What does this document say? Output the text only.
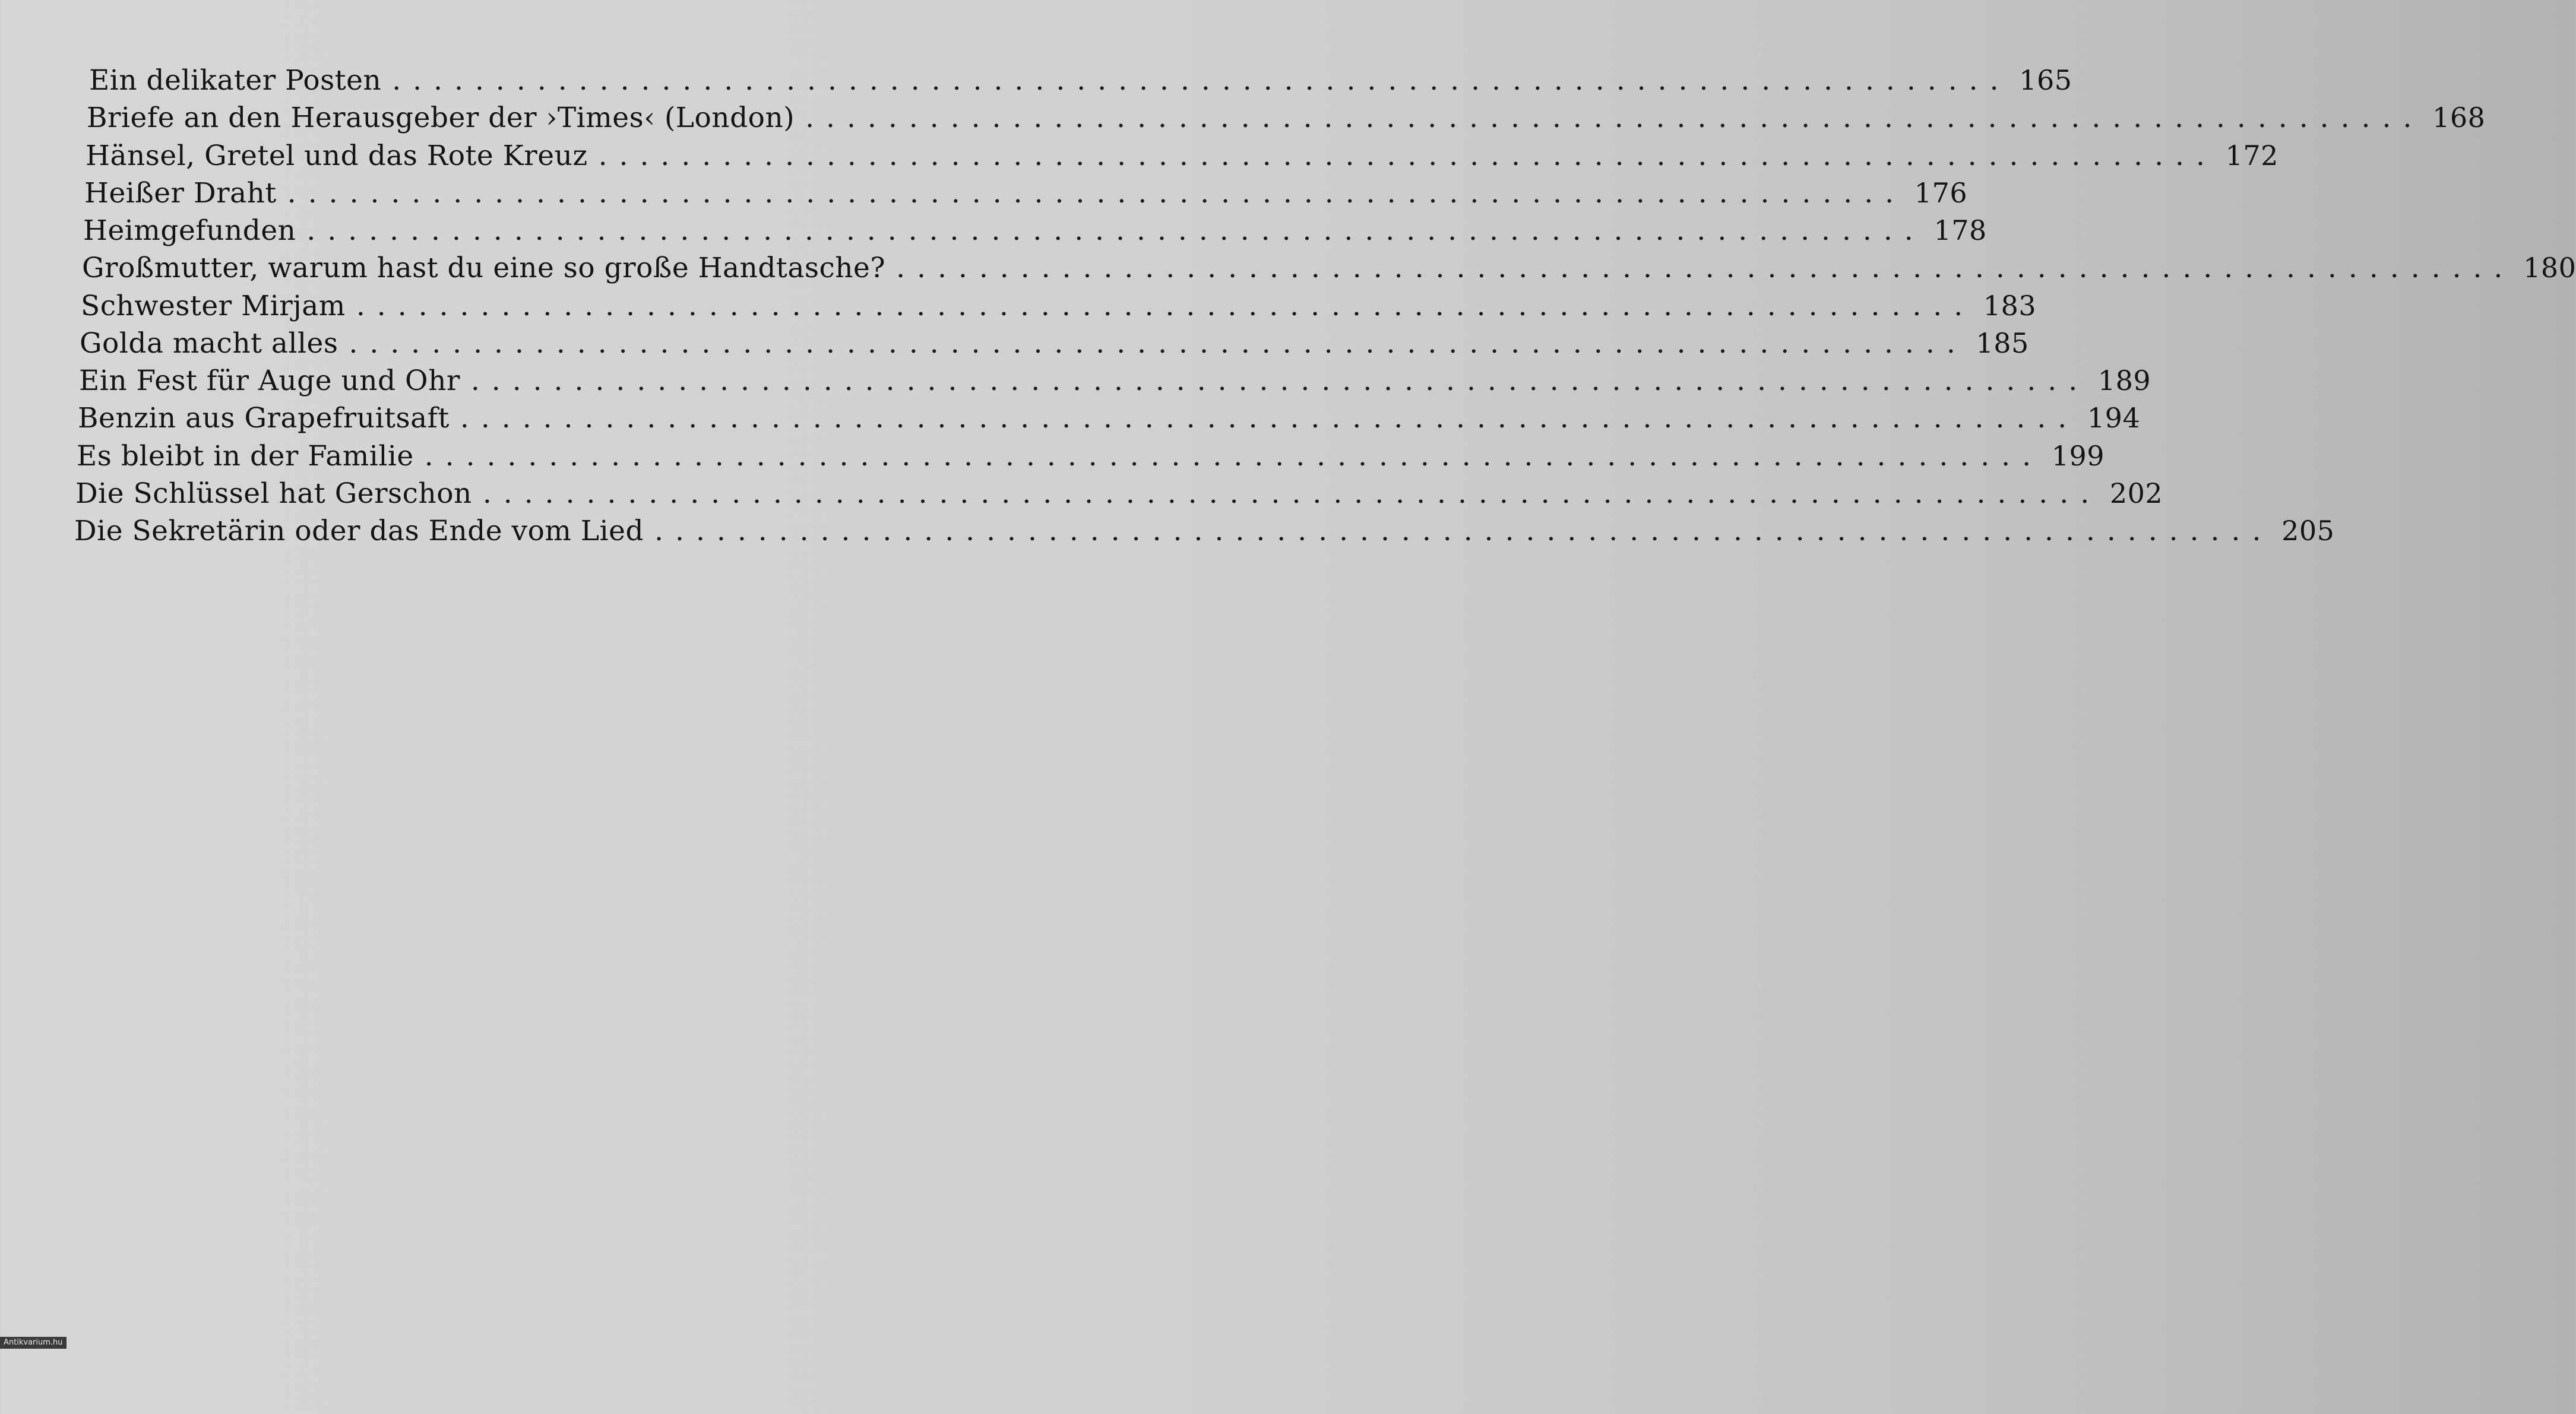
Ein delikater Posten .............................................................................. 165
Briefe an den Herausgeber der ›Times‹ (London) .............................................................................. 168
Hänsel, Gretel und das Rote Kreuz .............................................................................. 172
Heißer Draht .............................................................................. 176
Heimgefunden .............................................................................. 178
Großmutter, warum hast du eine so große Handtasche? .............................................................................. 180
Schwester Mirjam .............................................................................. 183
Golda macht alles .............................................................................. 185
Ein Fest für Auge und Ohr .............................................................................. 189
Benzin aus Grapefruitsaft .............................................................................. 194
Es bleibt in der Familie .............................................................................. 199
Die Schlüssel hat Gerschon .............................................................................. 202
Die Sekretärin oder das Ende vom Lied .............................................................................. 205
Antikvarium.hu
